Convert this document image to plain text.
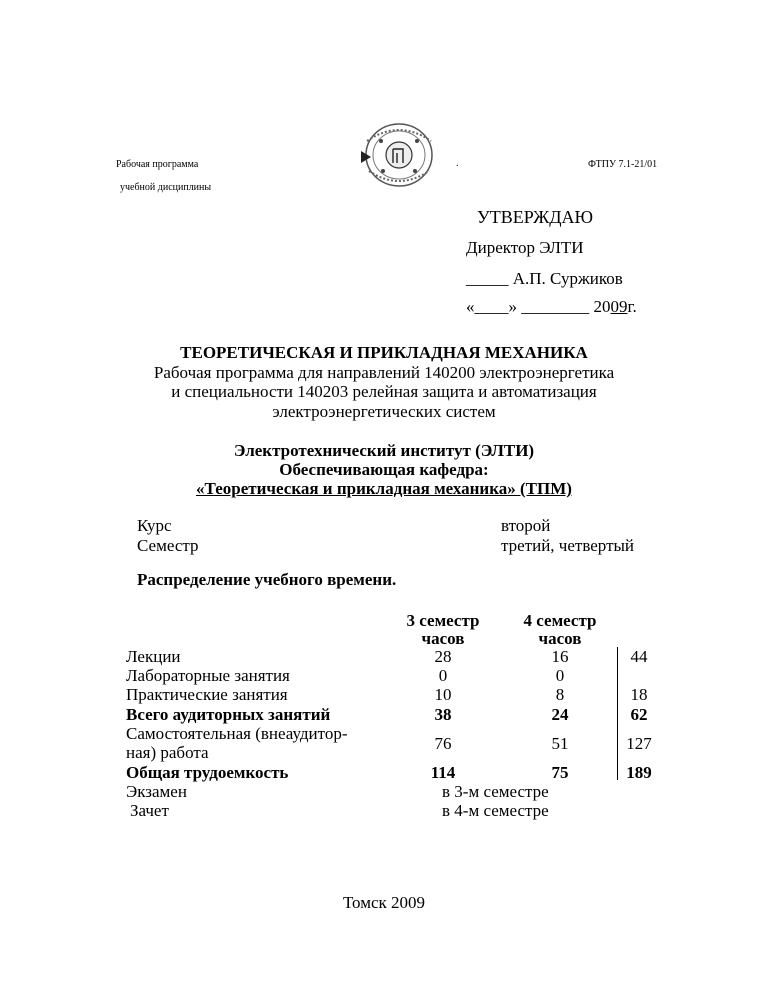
Рабочая программа
учебной дисциплины
.	ФТПУ 7.1-21/01
УТВЕРЖДАЮ
Директор ЭЛТИ
_____ А.П. Суржиков
«____» ________ 2009г.
ТЕОРЕТИЧЕСКАЯ И ПРИКЛАДНАЯ МЕХАНИКА
Рабочая программа для направлений 140200 электроэнергетика
и специальности 140203 релейная защита и автоматизация
электроэнергетических систем
Электротехнический институт (ЭЛТИ)
Обеспечивающая кафедра:
«Теоретическая и прикладная механика» (ТПМ)
Курс	второй
Семестр	третий, четвертый
Распределение учебного времени.
3 семестр
часов
4 семестр
часов
Лекции	28	16	44
Лабораторные занятия	0	0
Практические занятия	10	8	18
Всего аудиторных занятий	38	24	62
Самостоятельная (внеаудитор-
ная) работа	76	51	127
Общая трудоемкость	114	75	189
Экзамен	в 3-м семестре
Зачет	в 4-м семестре
Томск 2009
